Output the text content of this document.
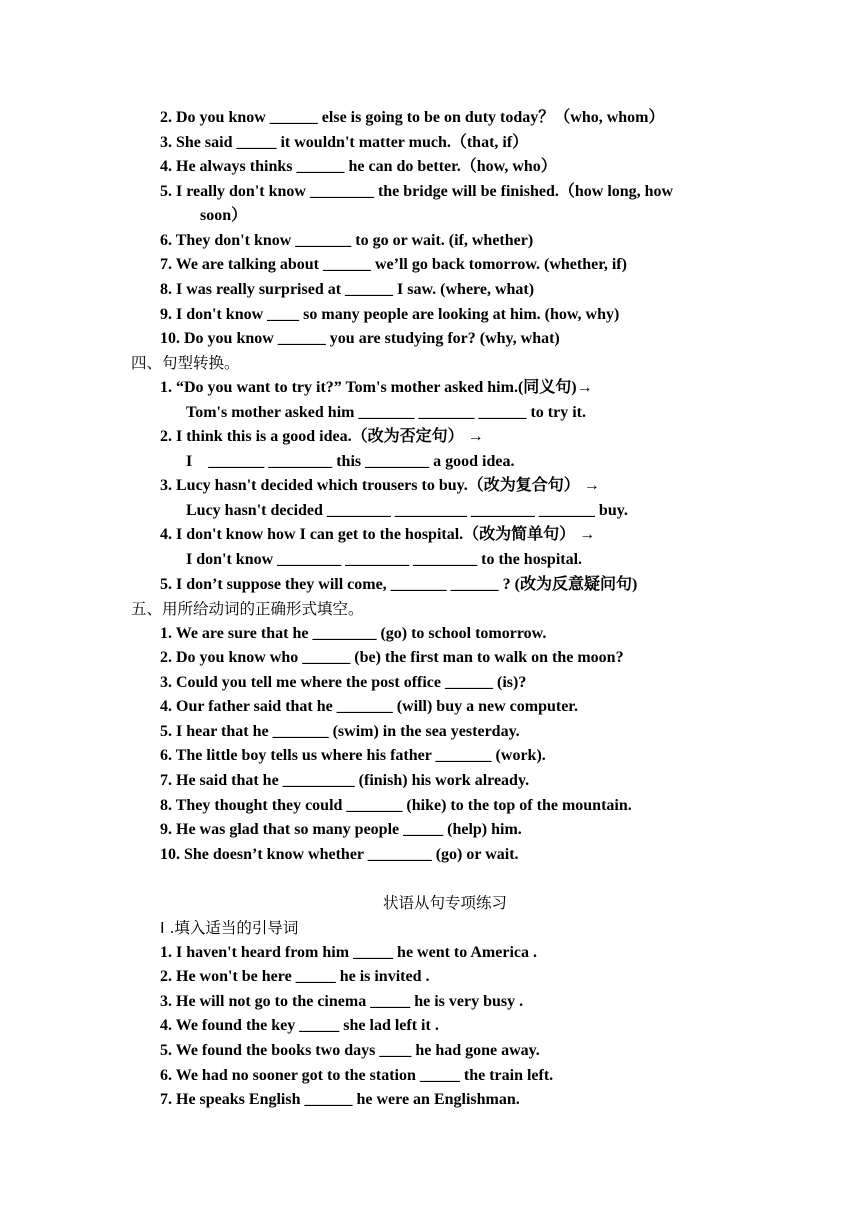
2. Do you know ______ else is going to be on duty today？（who, whom）
3. She said _____ it wouldn't matter much.（that, if）
4. He always thinks ______ he can do better.（how, who）
5. I really don't know ________ the bridge will be finished.（how long, how
soon）
6. They don't know _______ to go or wait. (if, whether)
7. We are talking about ______ we’ll go back tomorrow. (whether, if)
8. I was really surprised at ______ I saw. (where, what)
9. I don't know ____ so many people are looking at him. (how, why)
10. Do you know ______ you are studying for? (why, what)
四、句型转换。
1. “Do you want to try it?” Tom's mother asked him.(同义句)→
Tom's mother asked him _______ _______ ______ to try it.
2. I think this is a good idea.（改为否定句） →
I    _______ ________ this ________ a good idea.
3. Lucy hasn't decided which trousers to buy.（改为复合句） →
Lucy hasn't decided ________ _________ ________ _______ buy.
4. I don't know how I can get to the hospital.（改为简单句） →
I don't know ________ ________ ________ to the hospital.
5. I don’t suppose they will come, _______ ______ ? (改为反意疑问句)
五、用所给动词的正确形式填空。
1. We are sure that he ________ (go) to school tomorrow.
2. Do you know who ______ (be) the first man to walk on the moon?
3. Could you tell me where the post office ______ (is)?
4. Our father said that he _______ (will) buy a new computer.
5. I hear that he _______ (swim) in the sea yesterday.
6. The little boy tells us where his father _______ (work).
7. He said that he _________ (finish) his work already.
8. They thought they could _______ (hike) to the top of the mountain.
9. He was glad that so many people _____ (help) him.
10. She doesn’t know whether ________ (go) or wait.
状语从句专项练习
I .填入适当的引导词
1. I haven't heard from him _____ he went to America .
2. He won't be here _____ he is invited .
3. He will not go to the cinema _____ he is very busy .
4. We found the key _____ she lad left it .
5. We found the books two days ____ he had gone away.
6. We had no sooner got to the station _____ the train left.
7. He speaks English ______ he were an Englishman.
